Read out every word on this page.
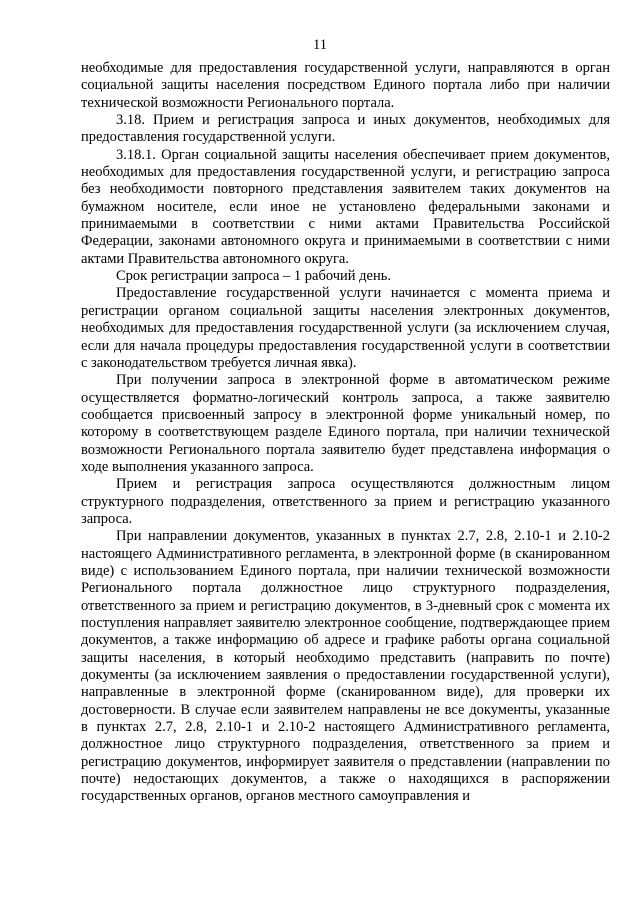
11

необходимые для предоставления государственной услуги, направляются в орган социальной защиты населения посредством Единого портала либо при наличии технической возможности Регионального портала.

3.18. Прием и регистрация запроса и иных документов, необходимых для предоставления государственной услуги.

3.18.1. Орган социальной защиты населения обеспечивает прием документов, необходимых для предоставления государственной услуги, и регистрацию запроса без необходимости повторного представления заявителем таких документов на бумажном носителе, если иное не установлено федеральными законами и принимаемыми в соответствии с ними актами Правительства Российской Федерации, законами автономного округа и принимаемыми в соответствии с ними актами Правительства автономного округа.

Срок регистрации запроса – 1 рабочий день.

Предоставление государственной услуги начинается с момента приема и регистрации органом социальной защиты населения электронных документов, необходимых для предоставления государственной услуги (за исключением случая, если для начала процедуры предоставления государственной услуги в соответствии с законодательством требуется личная явка).

При получении запроса в электронной форме в автоматическом режиме осуществляется форматно-логический контроль запроса, а также заявителю сообщается присвоенный запросу в электронной форме уникальный номер, по которому в соответствующем разделе Единого портала, при наличии технической возможности Регионального портала заявителю будет представлена информация о ходе выполнения указанного запроса.

Прием и регистрация запроса осуществляются должностным лицом структурного подразделения, ответственного за прием и регистрацию указанного запроса.

При направлении документов, указанных в пунктах 2.7, 2.8, 2.10-1 и 2.10-2 настоящего Административного регламента, в электронной форме (в сканированном виде) с использованием Единого портала, при наличии технической возможности Регионального портала должностное лицо структурного подразделения, ответственного за прием и регистрацию документов, в 3-дневный срок с момента их поступления направляет заявителю электронное сообщение, подтверждающее прием документов, а также информацию об адресе и графике работы органа социальной защиты населения, в который необходимо представить (направить по почте) документы (за исключением заявления о предоставлении государственной услуги), направленные в электронной форме (сканированном виде), для проверки их достоверности. В случае если заявителем направлены не все документы, указанные в пунктах 2.7, 2.8, 2.10-1 и 2.10-2 настоящего Административного регламента, должностное лицо структурного подразделения, ответственного за прием и регистрацию документов, информирует заявителя о представлении (направлении по почте) недостающих документов, а также о находящихся в распоряжении государственных органов, органов местного самоуправления и
